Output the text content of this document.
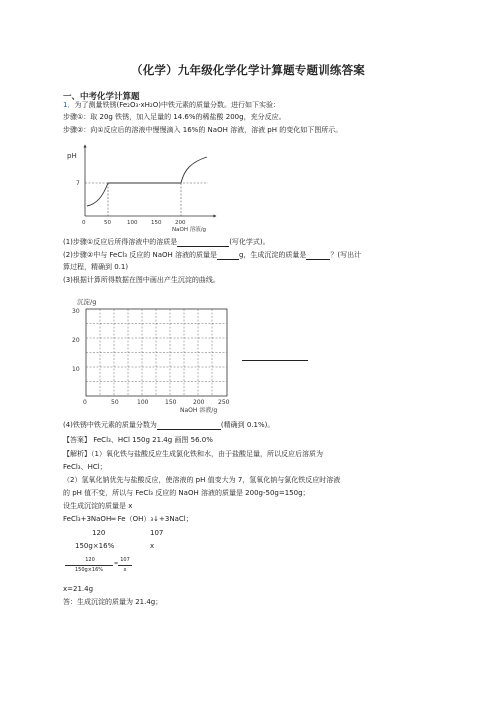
（化学）九年级化学化学计算题专题训练答案
一、中考化学计算题
1．为了测量铁锈(Fe₂O₃·xH₂O)中铁元素的质量分数。进行如下实验：
步骤①：取 20g 铁锈，加入足量的 14.6%的稀盐酸 200g，充分反应。
步骤②：向①反应后的溶液中慢慢滴入 16%的 NaOH 溶液，溶液 pH 的变化如下图所示。
pH
7
0	50	100 150 200
NaOH 溶液/g
(1)步骤①反应后所得溶液中的溶质是	(写化学式)。
(2)步骤②中与 FeCl₃ 反应的 NaOH 溶液的质量是	g，生成沉淀的质量是	？(写出计
算过程，精确到 0.1)
(3)根据计算所得数据在图中画出产生沉淀的曲线。
沉淀/g
30
20
10
0	50	100	150	200 250
NaOH 溶液/g
(4)铁锈中铁元素的质量分数为	(精确到 0.1%)。
【答案】 FeCl₃、HCl 150g 21.4g 画图 56.0%
【解析】（1）氧化铁与盐酸反应生成氯化铁和水，由于盐酸足量，所以反应后溶质为
FeCl₃、HCl；
（2）氢氧化钠优先与盐酸反应，使溶液的 pH 值变大为 7，氢氧化钠与氯化铁反应时溶液
的 pH 值不变，所以与 FeCl₃ 反应的 NaOH 溶液的质量是 200g-50g=150g；
设生成沉淀的质量是 x
FeCl₃+3NaOH═ Fe（OH）₃↓+3NaCl；
120	107
150g×16%	x
120
150g×16%
=
107
x
x=21.4g
答：生成沉淀的质量为 21.4g；
